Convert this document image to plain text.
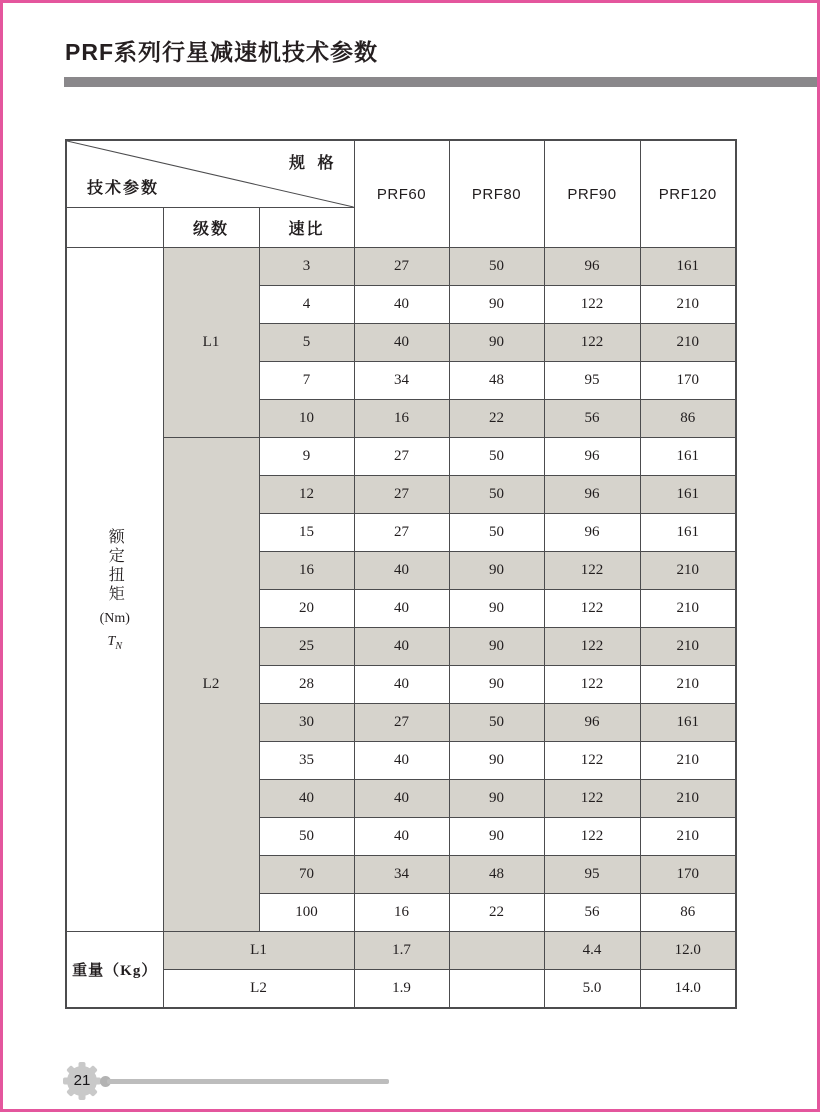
PRF系列行星减速机技术参数
规 格
技术参数			PRF60	PRF80	PRF90	PRF120
	级数	速比				

额定扭矩
(Nm)
$T_N$	L1	3	27	50	96	161
		4	40	90	122	210
		5	40	90	122	210
		7	34	48	95	170
		10	16	22	56	86
	L2	9	27	50	96	161
		12	27	50	96	161
		15	27	50	96	161
		16	40	90	122	210
		20	40	90	122	210
		25	40	90	122	210
		28	40	90	122	210
		30	27	50	96	161
		35	40	90	122	210
		40	40	90	122	210
		50	40	90	122	210
		70	34	48	95	170
		100	16	22	56	86
重量（Kg）	L1		1.7		4.4	12.0
	L2		1.9		5.0	14.0
21
